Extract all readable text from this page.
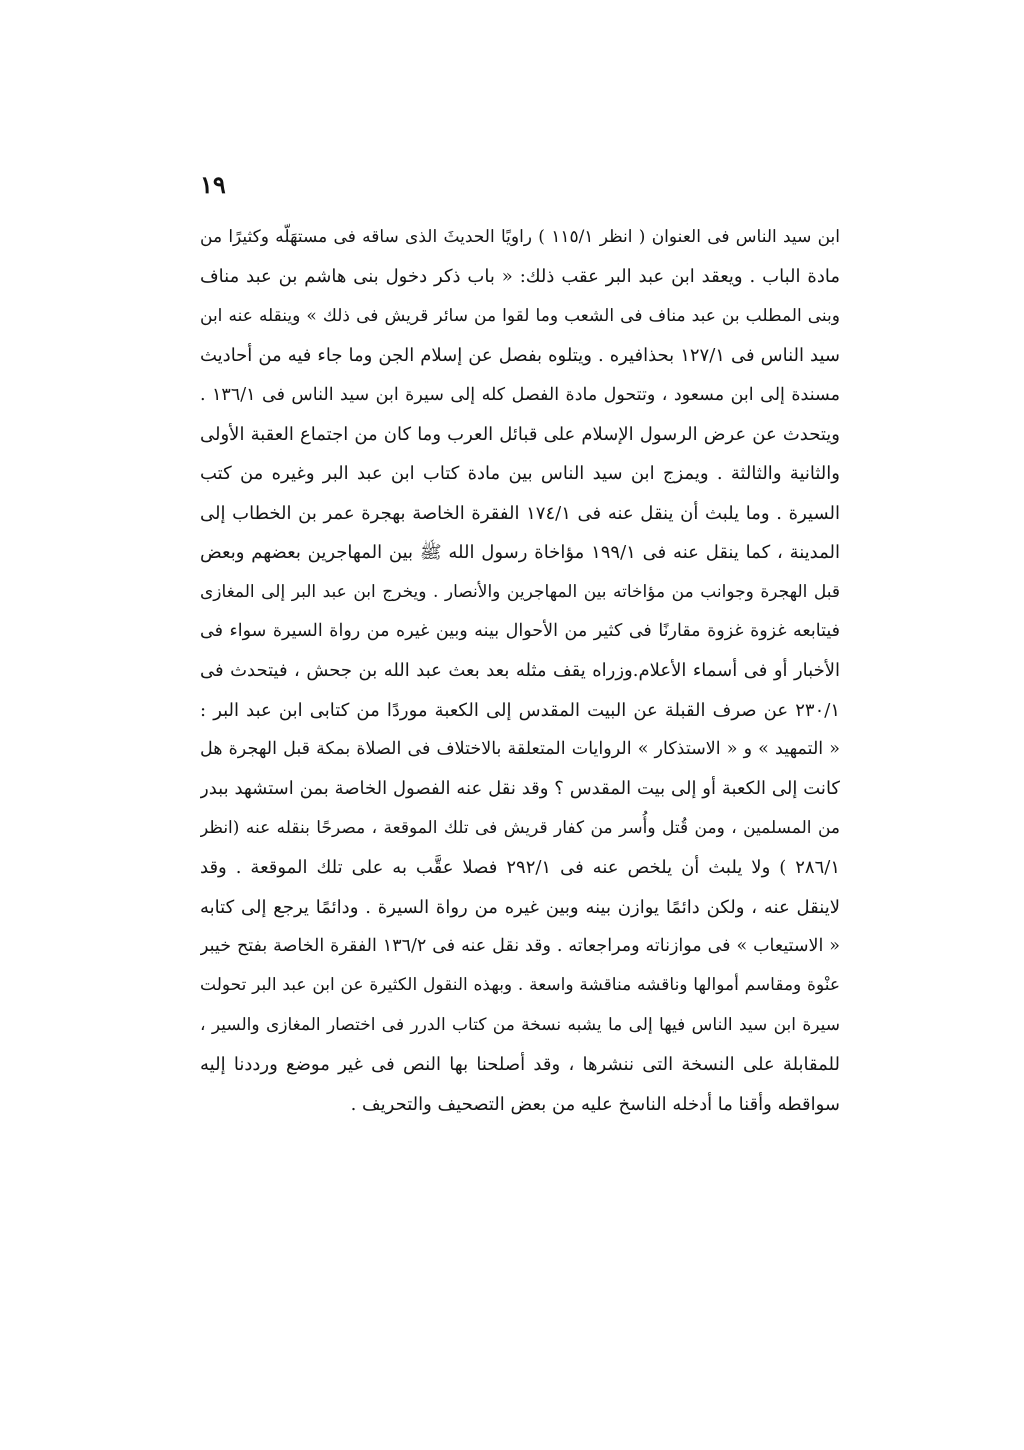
١٩
ابن سيد الناس فى العنوان ( انظر ١١٥/١ ) راويًا الحديثَ الذى ساقه فى مستهَلّه وكثيرًا من
مادة الباب . ويعقد ابن عبد البر عقب ذلك: « باب ذكر دخول بنى هاشم بن عبد مناف
وبنى المطلب بن عبد مناف فى الشعب وما لقوا من سائر قريش فى ذلك » وينقله عنه ابن
سيد الناس فى ١٢٧/١ بحذافيره . ويتلوه بفصل عن إسلام الجن وما جاء فيه من أحاديث
مسندة إلى ابن مسعود ، وتتحول مادة الفصل كله إلى سيرة ابن سيد الناس فى ١٣٦/١ .
ويتحدث عن عرض الرسول الإسلام على قبائل العرب وما كان من اجتماع العقبة الأولى
والثانية والثالثة . ويمزج ابن سيد الناس بين مادة كتاب ابن عبد البر وغيره من كتب
السيرة . وما يلبث أن ينقل عنه فى ١٧٤/١ الفقرة الخاصة بهجرة عمر بن الخطاب إلى
المدينة ، كما ينقل عنه فى ١٩٩/١ مؤاخاة رسول الله ﷺ بين المهاجرين بعضهم وبعض
قبل الهجرة وجوانب من مؤاخاته بين المهاجرين والأنصار . ويخرج ابن عبد البر إلى المغازى
فيتابعه غزوة غزوة مقارنًا فى كثير من الأحوال بينه وبين غيره من رواة السيرة سواء فى
الأخبار أو فى أسماء الأعلام.وزراه يقف مثله بعد بعث عبد الله بن جحش ، فيتحدث فى
٢٣٠/١ عن صرف القبلة عن البيت المقدس إلى الكعبة موردًا من كتابى ابن عبد البر :
« التمهيد » و « الاستذكار » الروايات المتعلقة بالاختلاف فى الصلاة بمكة قبل الهجرة هل
كانت إلى الكعبة أو إلى بيت المقدس ؟ وقد نقل عنه الفصول الخاصة بمن استشهد ببدر
من المسلمين ، ومن قُتل وأُسر من كفار قريش فى تلك الموقعة ، مصرحًا بنقله عنه (انظر
٢٨٦/١ ) ولا يلبث أن يلخص عنه فى ٢٩٢/١ فصلا عقَّب به على تلك الموقعة . وقد
لاينقل عنه ، ولكن دائمًا يوازن بينه وبين غيره من رواة السيرة . ودائمًا يرجع إلى كتابه
« الاستيعاب » فى موازناته ومراجعاته . وقد نقل عنه فى ١٣٦/٢ الفقرة الخاصة بفتح خيبر
عنْوة ومقاسم أموالها وناقشه مناقشة واسعة . وبهذه النقول الكثيرة عن ابن عبد البر تحولت
سيرة ابن سيد الناس فيها إلى ما يشبه نسخة من كتاب الدرر فى اختصار المغازى والسير ،
للمقابلة على النسخة التى ننشرها ، وقد أصلحنا بها النص فى غير موضع ورددنا إليه
سواقطه وأقنا ما أدخله الناسخ عليه من بعض التصحيف والتحريف .
